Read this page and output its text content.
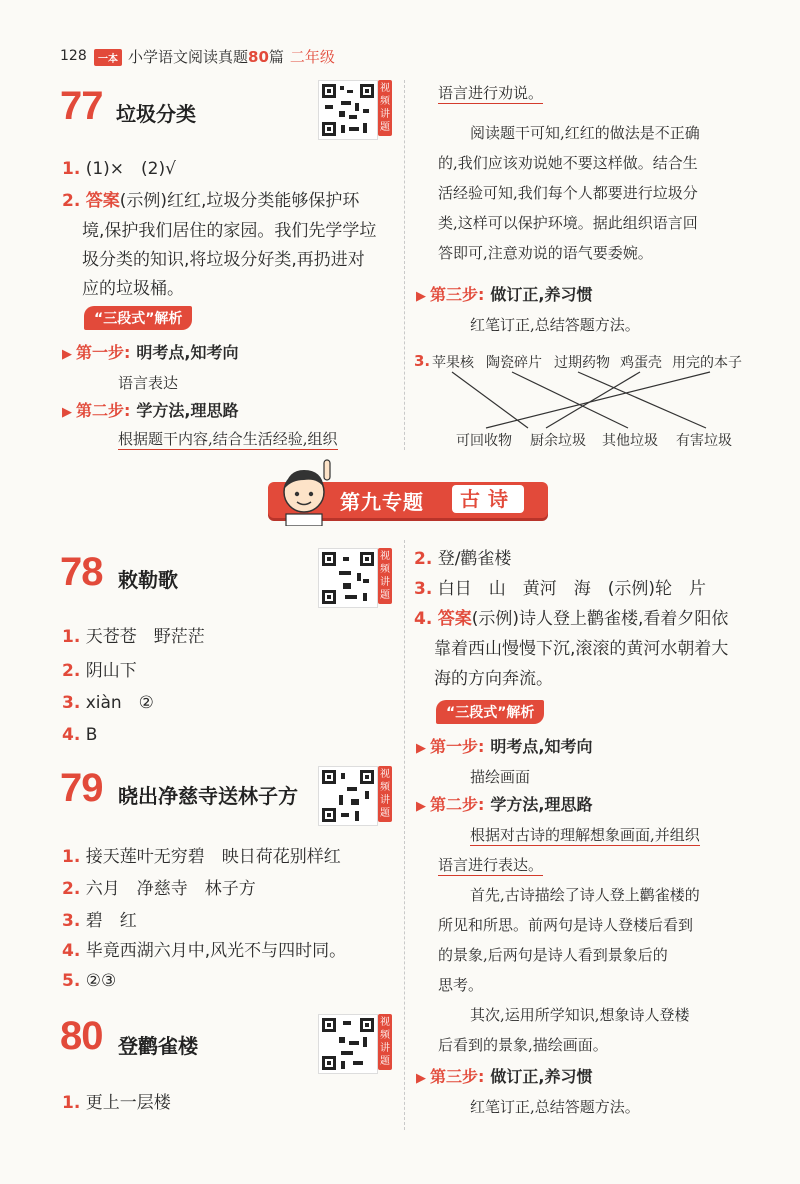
128	一本 小学语文阅读真题80篇 二年级
77 垃圾分类
视频讲题
1. (1)×　(2)√
2. 答案(示例)红红,垃圾分类能够保护环
境,保护我们居住的家园。我们先学学垃
圾分类的知识,将垃圾分好类,再扔进对
应的垃圾桶。
“三段式”解析
▶ 第一步: 明考点,知考向
语言表达
▶ 第二步: 学方法,理思路
根据题干内容,结合生活经验,组织
语言进行劝说。
阅读题干可知,红红的做法是不正确
的,我们应该劝说她不要这样做。结合生
活经验可知,我们每个人都要进行垃圾分
类,这样可以保护环境。据此组织语言回
答即可,注意劝说的语气要委婉。
▶ 第三步: 做订正,养习惯
红笔订正,总结答题方法。
3. 苹果核 陶瓷碎片 过期药物 鸡蛋壳 用完的本子
可回收物 厨余垃圾 其他垃圾 有害垃圾
第九专题	古诗
78 敕勒歌
视频讲题
1. 天苍苍　野茫茫
2. 阴山下
3. xiàn　②
4. B
79 晓出净慈寺送林子方
视频讲题
1. 接天莲叶无穷碧　映日荷花别样红
2. 六月　净慈寺　林子方
3. 碧　红
4. 毕竟西湖六月中,风光不与四时同。
5. ②③
80 登鹳雀楼
视频讲题
1. 更上一层楼
2. 登/鹳雀楼
3. 白日　山　黄河　海　(示例)轮　片
4. 答案(示例)诗人登上鹳雀楼,看着夕阳依
靠着西山慢慢下沉,滚滚的黄河水朝着大
海的方向奔流。
“三段式”解析
▶ 第一步: 明考点,知考向
描绘画面
▶ 第二步: 学方法,理思路
根据对古诗的理解想象画面,并组织
语言进行表达。
首先,古诗描绘了诗人登上鹳雀楼的
所见和所思。前两句是诗人登楼后看到
的景象,后两句是诗人看到景象后的
思考。
其次,运用所学知识,想象诗人登楼
后看到的景象,描绘画面。
▶ 第三步: 做订正,养习惯
红笔订正,总结答题方法。
